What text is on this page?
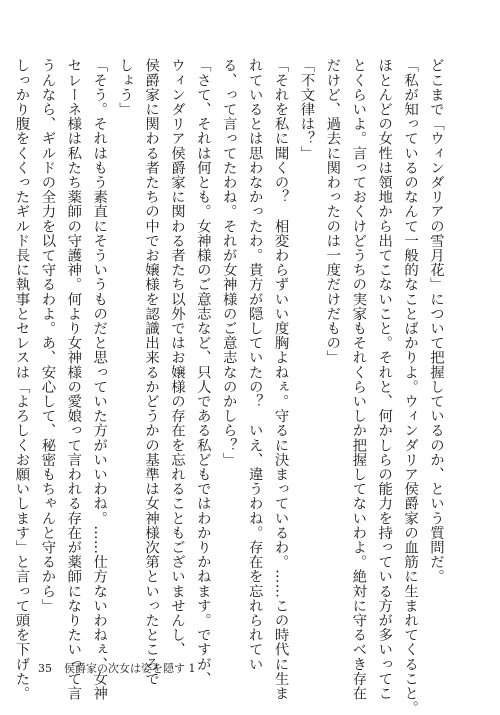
どこまで「ウィンダリアの雪月花」について把握しているのか、という質問だ。
「私が知っているのなんて一般的なことばかりよ。ウィンダリア侯爵家の血筋に生まれてくること。
ほとんどの女性は領地から出てこないこと。それと、何かしらの能力を持っている方が多いってこ
とくらいよ。言っておくけどうちの実家もそれくらいしか把握してないわよ。絶対に守るべき存在
だけど、過去に関わったのは一度だけだもの」
「不文律は？」
「それを私に聞くの？　相変わらずいい度胸よねぇ。守るに決まっているわ。……この時代に生ま
れているとは思わなかったわ。貴方が隠していたの？　いえ、違うわね。存在を忘れられてい
る、って言ってたわね。それが女神様のご意志なのかしら？」
「さて、それは何とも。女神様のご意志など、只人である私どもではわかりかねます。ですが、
ウィンダリア侯爵家に関わる者たち以外ではお嬢様の存在を忘れることもございませんし、
侯爵家に関わる者たちの中でお嬢様を認識出来るかどうかの基準は女神様次第といったところで
しょう」
「そう。それはもう素直にそういうものだと思っていた方がいいわね。……仕方ないわねぇ、女神
セレーネ様は私たち薬師の守護神。何より女神様の愛娘って言われる存在が薬師になりたいって言
うんなら、ギルドの全力を以て守るわよ。あ、安心して、秘密もちゃんと守るから」
しっかり腹をくくったギルド長に執事とセレスは「よろしくお願いします」と言って頭を下げた。 35 侯爵家の次女は姿を隠す 1
